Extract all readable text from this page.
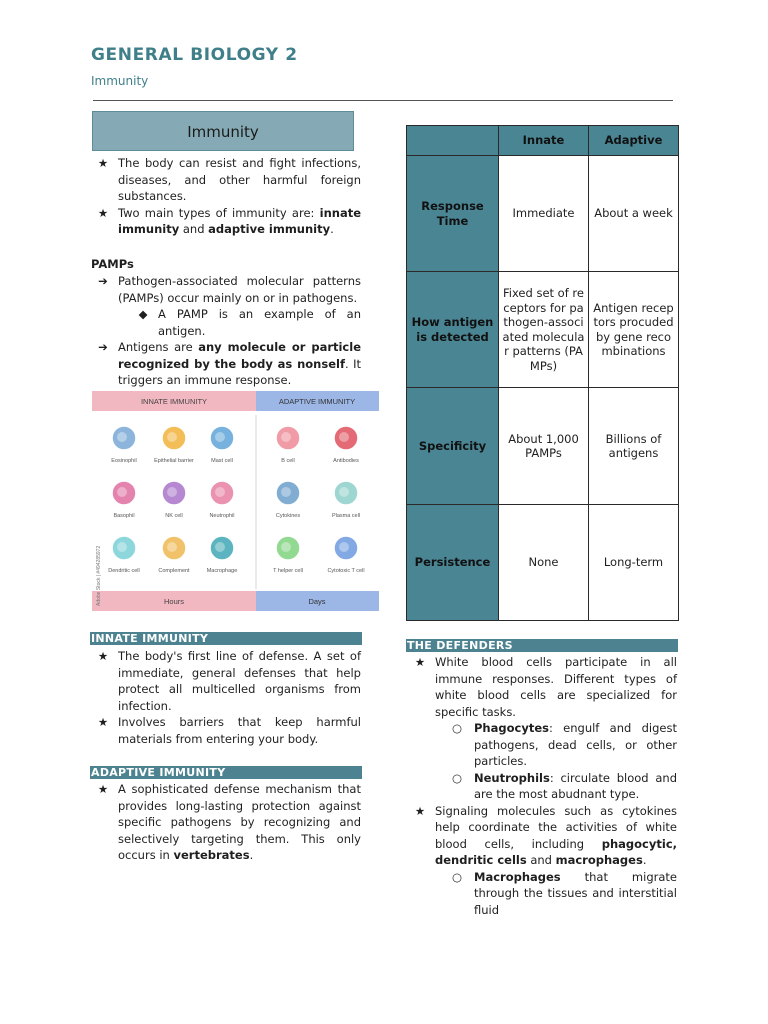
GENERAL BIOLOGY 2
Immunity
Immunity
★ The body can resist and fight infections, diseases, and other harmful foreign substances.
★ Two main types of immunity are: innate immunity and adaptive immunity.
PAMPs
➔ Pathogen-associated molecular patterns (PAMPs) occur mainly on or in pathogens.
◆ A PAMP is an example of an antigen.
➔ Antigens are any molecule or particle recognized by the body as nonself. It triggers an immune response.
INNATE IMMUNITY	ADAPTIVE IMMUNITY
Eosinophil	Epithelial barrier	Mast cell
Basophil	NK cell	Neutrophil
Dendritic cell	Complement	Macrophage
B cell	Antibodies
Cytokines	Plasma cell
T helper cell	Cytotoxic T cell
Hours	Days
Adobe Stock | #494285972
INNATE IMMUNITY
★ The body's first line of defense. A set of immediate, general defenses that help protect all multicelled organisms from infection.
★ Involves barriers that keep harmful materials from entering your body.
ADAPTIVE IMMUNITY
★ A sophisticated defense mechanism that provides long-lasting protection against specific pathogens by recognizing and selectively targeting them. This only occurs in vertebrates.
	Innate	Adaptive
Response Time	Immediate	About a week
How antigen is detected	Fixed set of receptors for pathogen-associated molecular patterns (PAMPs)	Antigen receptors procuded by gene recombinations
Specificity	About 1,000 PAMPs	Billions of antigens
Persistence	None	Long-term
THE DEFENDERS
★ White blood cells participate in all immune responses. Different types of white blood cells are specialized for specific tasks.
○ Phagocytes: engulf and digest pathogens, dead cells, or other particles.
○ Neutrophils: circulate blood and are the most abudnant type.
★ Signaling molecules such as cytokines help coordinate the activities of white blood cells, including phagocytic, dendritic cells and macrophages.
○ Macrophages that migrate through the tissues and interstitial fluid
